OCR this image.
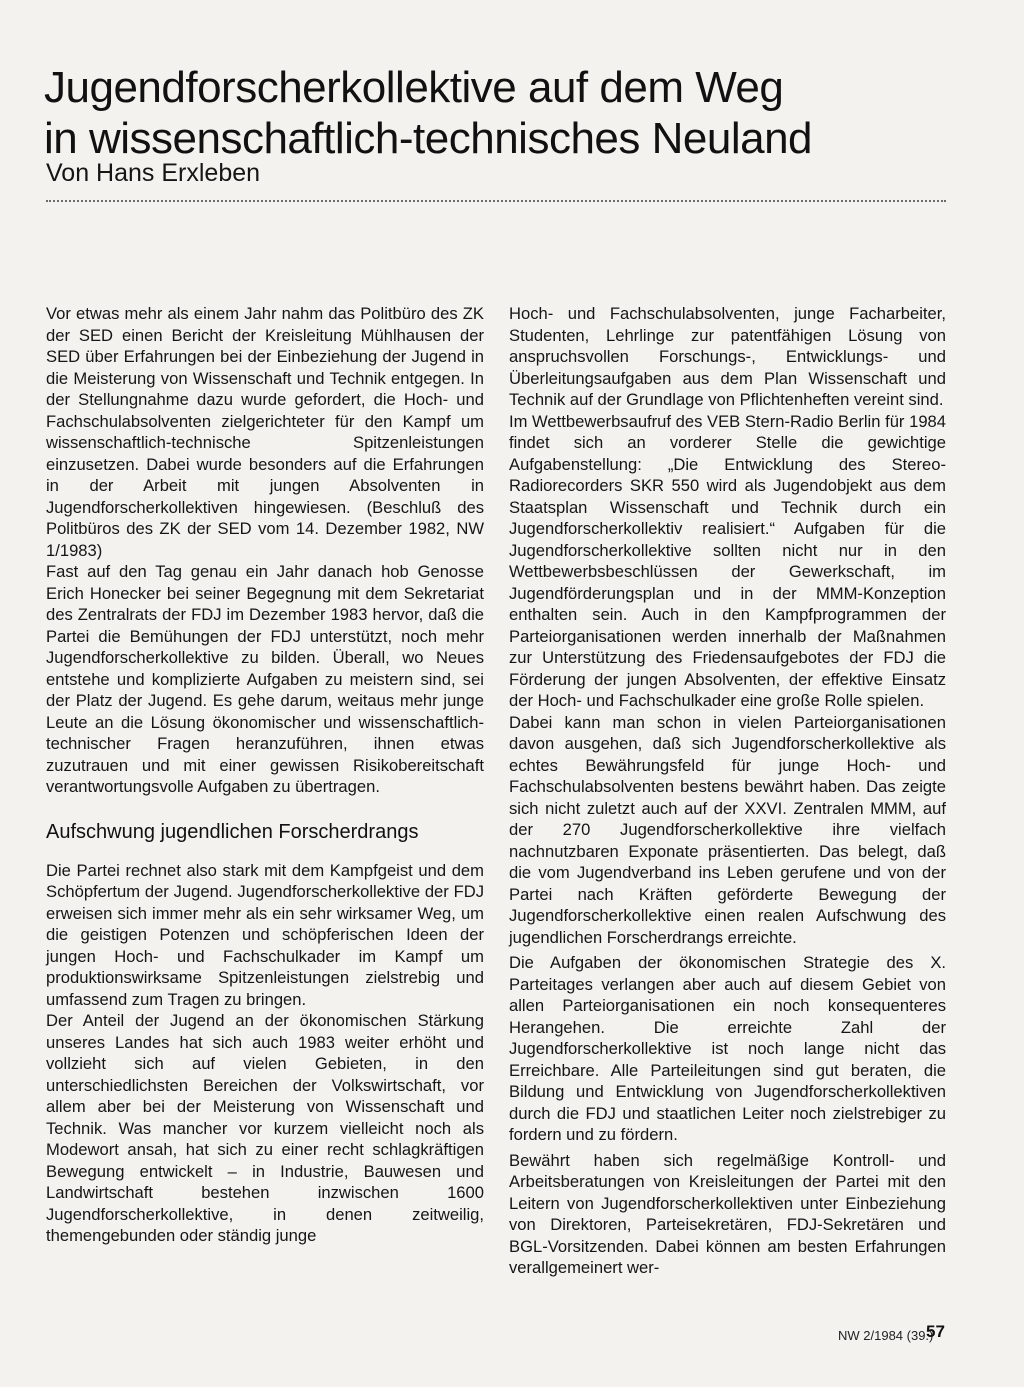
Jugendforscherkollektive auf dem Weg
in wissenschaftlich-technisches Neuland
Von Hans Erxleben

Vor etwas mehr als einem Jahr nahm das Politbüro des ZK der SED einen Bericht der Kreisleitung Mühlhausen der SED über Erfahrungen bei der Einbeziehung der Jugend in die Meisterung von Wissenschaft und Technik entgegen. In der Stellungnahme dazu wurde gefordert, die Hoch- und Fachschulabsolventen zielgerichteter für den Kampf um wissenschaftlich-technische Spitzenleistungen einzusetzen. Dabei wurde besonders auf die Erfahrungen in der Arbeit mit jungen Absolventen in Jugendforscherkollektiven hingewiesen. (Beschluß des Politbüros des ZK der SED vom 14. Dezember 1982, NW 1/1983)

Fast auf den Tag genau ein Jahr danach hob Genosse Erich Honecker bei seiner Begegnung mit dem Sekretariat des Zentralrats der FDJ im Dezember 1983 hervor, daß die Partei die Bemühungen der FDJ unterstützt, noch mehr Jugendforscherkollektive zu bilden. Überall, wo Neues entstehe und komplizierte Aufgaben zu meistern sind, sei der Platz der Jugend. Es gehe darum, weitaus mehr junge Leute an die Lösung ökonomischer und wissenschaftlich-technischer Fragen heranzuführen, ihnen etwas zuzutrauen und mit einer gewissen Risikobereitschaft verantwortungsvolle Aufgaben zu übertragen.

Aufschwung jugendlichen Forscherdrangs

Die Partei rechnet also stark mit dem Kampfgeist und dem Schöpfertum der Jugend. Jugendforscherkollektive der FDJ erweisen sich immer mehr als ein sehr wirksamer Weg, um die geistigen Potenzen und schöpferischen Ideen der jungen Hoch- und Fachschulkader im Kampf um produktionswirksame Spitzenleistungen zielstrebig und umfassend zum Tragen zu bringen.

Der Anteil der Jugend an der ökonomischen Stärkung unseres Landes hat sich auch 1983 weiter erhöht und vollzieht sich auf vielen Gebieten, in den unterschiedlichsten Bereichen der Volkswirtschaft, vor allem aber bei der Meisterung von Wissenschaft und Technik. Was mancher vor kurzem vielleicht noch als Modewort ansah, hat sich zu einer recht schlagkräftigen Bewegung entwickelt – in Industrie, Bauwesen und Landwirtschaft bestehen inzwischen 1600 Jugendforscherkollektive, in denen zeitweilig, themengebunden oder ständig junge

Hoch- und Fachschulabsolventen, junge Facharbeiter, Studenten, Lehrlinge zur patentfähigen Lösung von anspruchsvollen Forschungs-, Entwicklungs- und Überleitungsaufgaben aus dem Plan Wissenschaft und Technik auf der Grundlage von Pflichtenheften vereint sind.

Im Wettbewerbsaufruf des VEB Stern-Radio Berlin für 1984 findet sich an vorderer Stelle die gewichtige Aufgabenstellung: „Die Entwicklung des Stereo-Radiorecorders SKR 550 wird als Jugendobjekt aus dem Staatsplan Wissenschaft und Technik durch ein Jugendforscherkollektiv realisiert.“ Aufgaben für die Jugendforscherkollektive sollten nicht nur in den Wettbewerbsbeschlüssen der Gewerkschaft, im Jugendförderungsplan und in der MMM-Konzeption enthalten sein. Auch in den Kampfprogrammen der Parteiorganisationen werden innerhalb der Maßnahmen zur Unterstützung des Friedensaufgebotes der FDJ die Förderung der jungen Absolventen, der effektive Einsatz der Hoch- und Fachschulkader eine große Rolle spielen.

Dabei kann man schon in vielen Parteiorganisationen davon ausgehen, daß sich Jugendforscherkollektive als echtes Bewährungsfeld für junge Hoch- und Fachschulabsolventen bestens bewährt haben. Das zeigte sich nicht zuletzt auch auf der XXVI. Zentralen MMM, auf der 270 Jugendforscherkollektive ihre vielfach nachnutzbaren Exponate präsentierten. Das belegt, daß die vom Jugendverband ins Leben gerufene und von der Partei nach Kräften geförderte Bewegung der Jugendforscherkollektive einen realen Aufschwung des jugendlichen Forscherdrangs erreichte.

Die Aufgaben der ökonomischen Strategie des X. Parteitages verlangen aber auch auf diesem Gebiet von allen Parteiorganisationen ein noch konsequenteres Herangehen. Die erreichte Zahl der Jugendforscherkollektive ist noch lange nicht das Erreichbare. Alle Parteileitungen sind gut beraten, die Bildung und Entwicklung von Jugendforscherkollektiven durch die FDJ und staatlichen Leiter noch zielstrebiger zu fordern und zu fördern.

Bewährt haben sich regelmäßige Kontroll- und Arbeitsberatungen von Kreisleitungen der Partei mit den Leitern von Jugendforscherkollektiven unter Einbeziehung von Direktoren, Parteisekretären, FDJ-Sekretären und BGL-Vorsitzenden. Dabei können am besten Erfahrungen verallgemeinert wer-

NW 2/1984 (39.)
57
